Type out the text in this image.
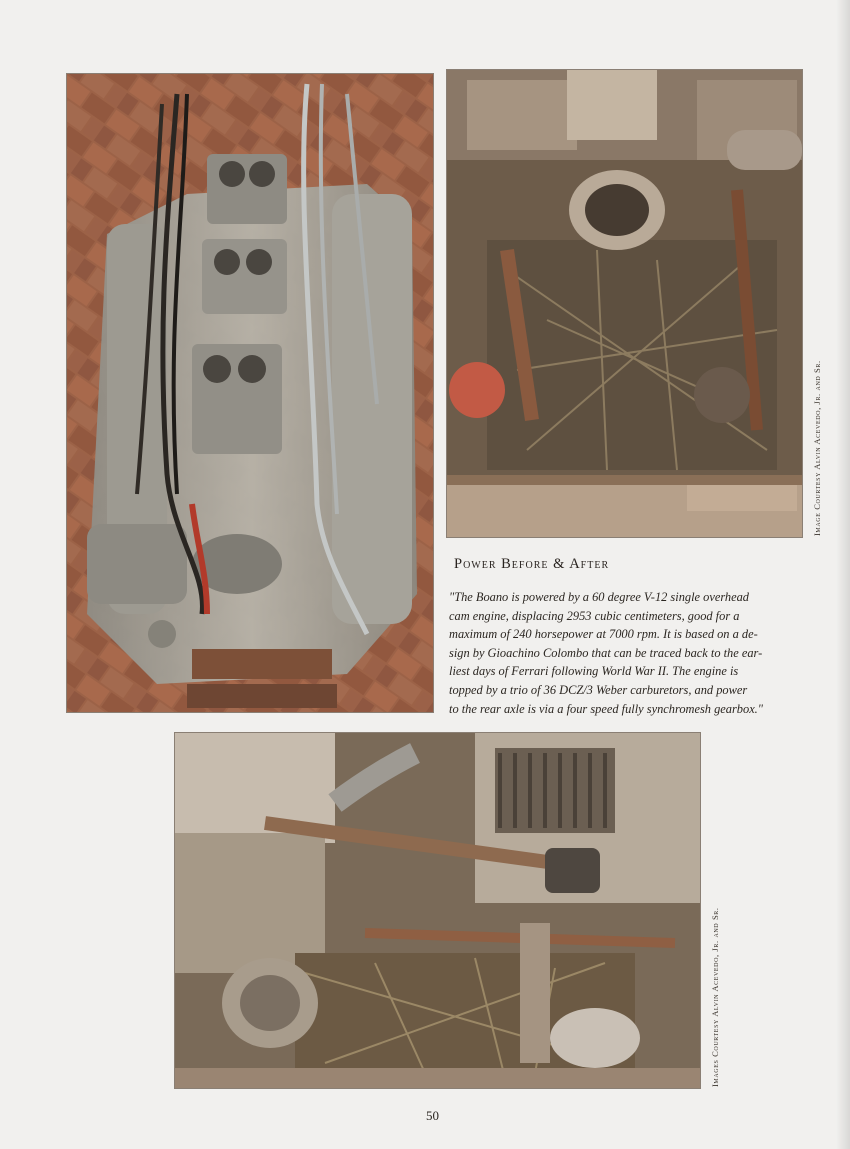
Image Courtesy Alvin Acevedo, Jr. and Sr.
Power Before & After
"The Boano is powered by a 60 degree V-12 single overhead
cam engine, displacing 2953 cubic centimeters, good for a
maximum of 240 horsepower at 7000 rpm. It is based on a de-
sign by Gioachino Colombo that can be traced back to the ear-
liest days of Ferrari following World War II. The engine is
topped by a trio of 36 DCZ/3 Weber carburetors, and power
to the rear axle is via a four speed fully synchromesh gearbox."
Images Courtesy Alvin Acevedo, Jr. and Sr.
50
